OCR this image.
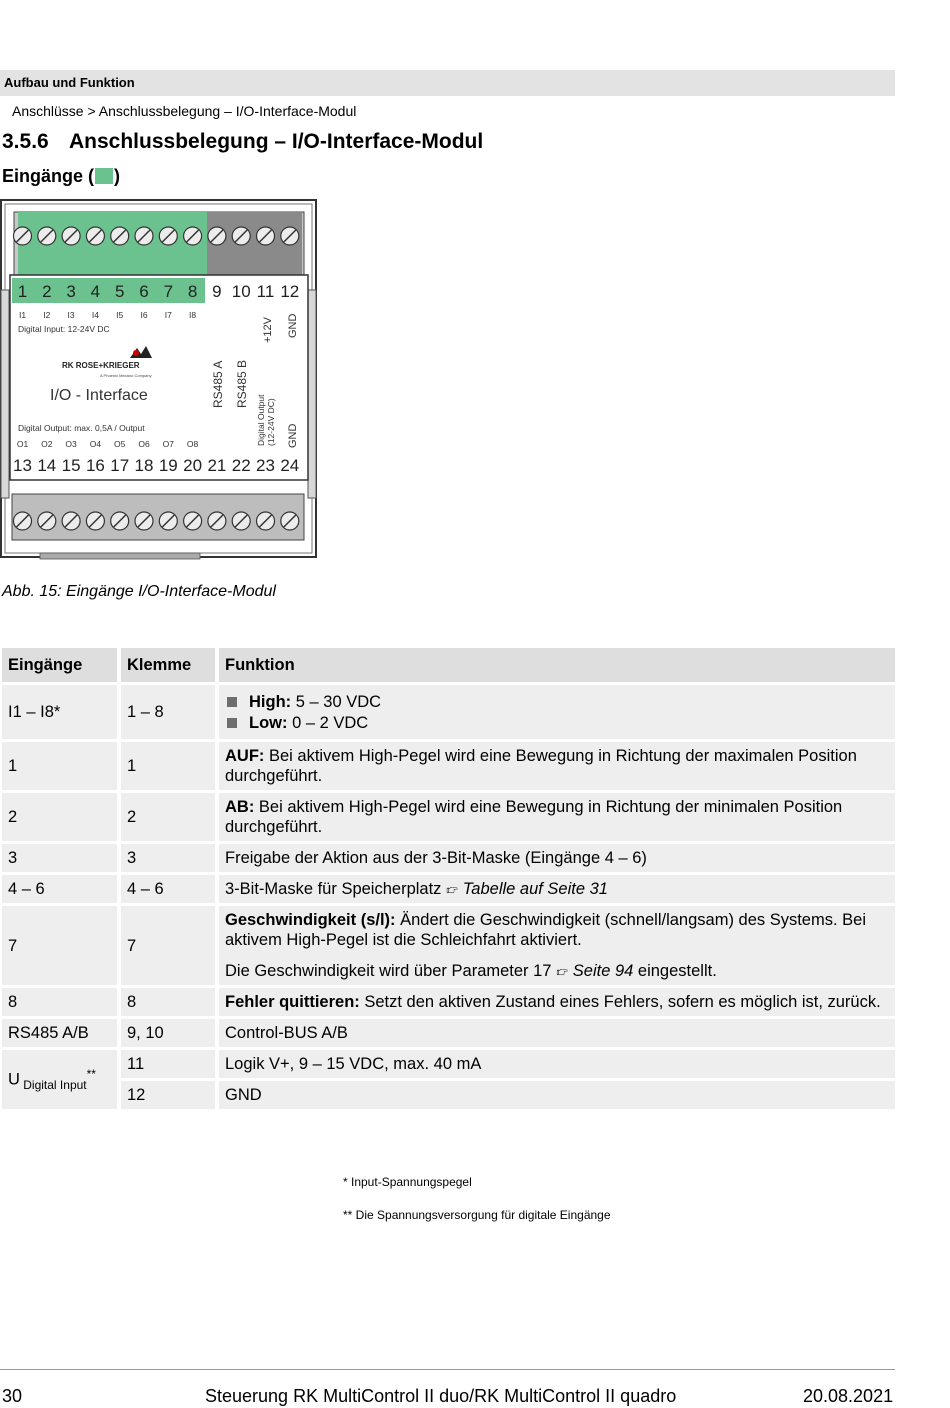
Aufbau und Funktion
Anschlüsse > Anschlussbelegung – I/O-Interface-Modul
3.5.6 Anschlussbelegung – I/O-Interface-Modul
Eingänge ( )
1 2 3 4 5 6 7 8 9 10 11 12
I1 I2 I3 I4 I5 I6 I7 I8
Digital Input: 12-24V DC
RK ROSE+KRIEGER
A Phoenix Mecano Company
I/O - Interface
Digital Output: max. 0,5A / Output
O1 O2 O3 O4 O5 O6 O7 O8
RS485 A RS485 B
+12V GND
Digital Output (12-24V DC) GND
13 14 15 16 17 18 19 20 21 22 23 24
Abb. 15: Eingänge I/O-Interface-Modul
Eingänge	Klemme	Funktion
I1 – I8*	1 – 8	High: 5 – 30 VDC
Low: 0 – 2 VDC

1	1	AUF: Bei aktivem High-Pegel wird eine Bewegung in Richtung der maximalen Position durchgeführt.
2	2	AB: Bei aktivem High-Pegel wird eine Bewegung in Richtung der minimalen Position durchgeführt.
3	3	Freigabe der Aktion aus der 3-Bit-Maske (Eingänge 4 – 6)
4 – 6	4 – 6	3-Bit-Maske für Speicherplatz 👉︎ Tabelle auf Seite 31
7	7	Geschwindigkeit (s/l): Ändert die Geschwindigkeit (schnell/langsam) des Systems. Bei aktivem High-Pegel ist die Schleichfahrt aktiviert.
Die Geschwindigkeit wird über Parameter 17 👉︎ Seite 94 eingestellt.

8	8	Fehler quittieren: Setzt den aktiven Zustand eines Fehlers, sofern es möglich ist, zurück.
RS485 A/B	9, 10	Control-BUS A/B
U $_{Digital Input}$**	11	Logik V+, 9 – 15 VDC, max. 40 mA
	12	GND
* Input-Spannungspegel
** Die Spannungsversorgung für digitale Eingänge
30	Steuerung RK MultiControl II duo/RK MultiControl II quadro	20.08.2021
